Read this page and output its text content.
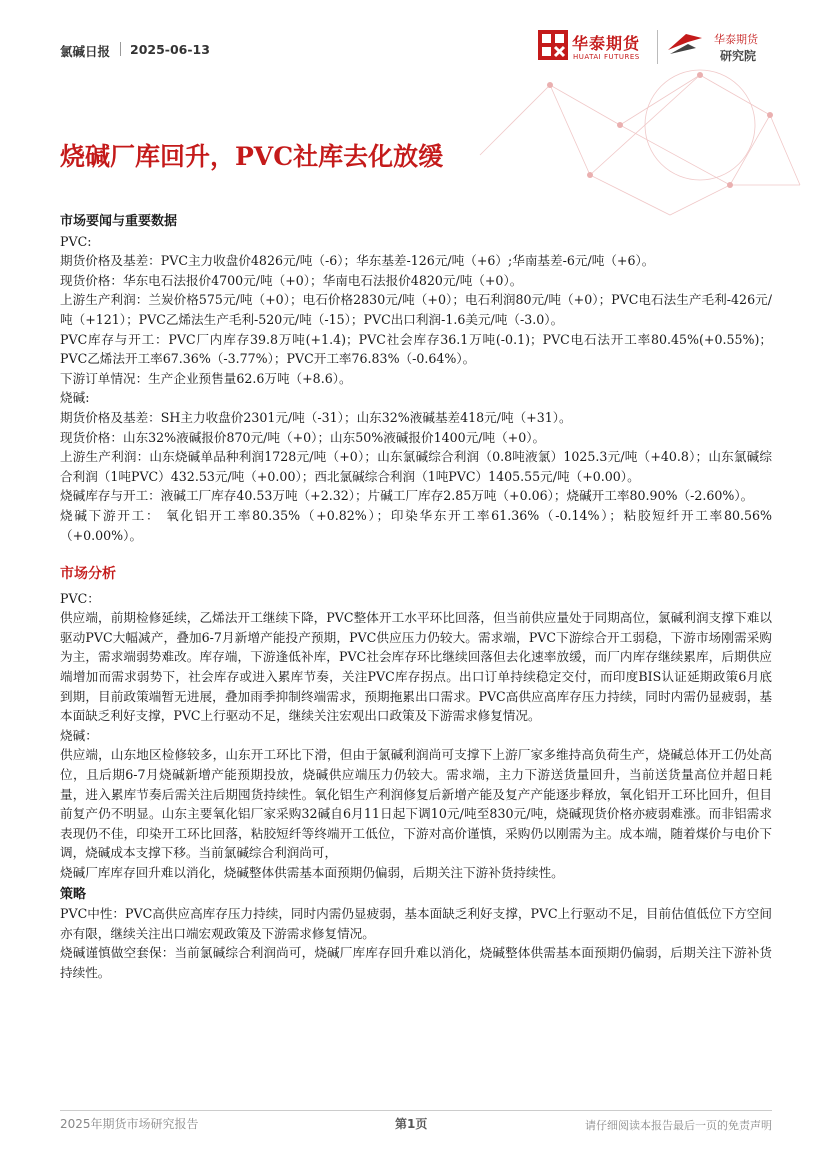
氯碱日报 2025-06-13	华泰期货
HUATAI FUTURES
华泰期货
研究院
烧碱厂库回升，PVC社库去化放缓
市场要闻与重要数据

PVC:

期货价格及基差：PVC主力收盘价4826元/吨（-6）；华东基差-126元/吨（+6）;华南基差-6元/吨（+6）。

现货价格：华东电石法报价4700元/吨（+0）；华南电石法报价4820元/吨（+0）。

上游生产利润：兰炭价格575元/吨（+0）；电石价格2830元/吨（+0）；电石利润80元/吨（+0）；PVC电石法生产毛利-426元/吨（+121）；PVC乙烯法生产毛利-520元/吨（-15）；PVC出口利润-1.6美元/吨（-3.0）。

PVC库存与开工：PVC厂内库存39.8万吨(+1.4)；PVC社会库存36.1万吨(-0.1)；PVC电石法开工率80.45%(+0.55%)；PVC乙烯法开工率67.36%（-3.77%）；PVC开工率76.83%（-0.64%）。

下游订单情况：生产企业预售量62.6万吨（+8.6）。

烧碱:

期货价格及基差：SH主力收盘价2301元/吨（-31）；山东32%液碱基差418元/吨（+31）。

现货价格：山东32%液碱报价870元/吨（+0）；山东50%液碱报价1400元/吨（+0）。

上游生产利润：山东烧碱单品种利润1728元/吨（+0）；山东氯碱综合利润（0.8吨液氯）1025.3元/吨（+40.8）；山东氯碱综合利润（1吨PVC）432.53元/吨（+0.00）；西北氯碱综合利润（1吨PVC）1405.55元/吨（+0.00）。

烧碱库存与开工：液碱工厂库存40.53万吨（+2.32）；片碱工厂库存2.85万吨（+0.06）；烧碱开工率80.90%（-2.60%）。

烧碱下游开工： 氧化铝开工率80.35%（+0.82%）；印染华东开工率61.36%（-0.14%）；粘胶短纤开工率80.56%（+0.00%）。

市场分析

PVC：

供应端，前期检修延续，乙烯法开工继续下降，PVC整体开工水平环比回落，但当前供应量处于同期高位，氯碱利润支撑下难以驱动PVC大幅减产，叠加6-7月新增产能投产预期，PVC供应压力仍较大。需求端，PVC下游综合开工弱稳，下游市场刚需采购为主，需求端弱势难改。库存端，下游逢低补库，PVC社会库存环比继续回落但去化速率放缓，而厂内库存继续累库，后期供应端增加而需求弱势下，社会库存或进入累库节奏，关注PVC库存拐点。出口订单持续稳定交付，而印度BIS认证延期政策6月底到期，目前政策端暂无进展，叠加雨季抑制终端需求，预期拖累出口需求。PVC高供应高库存压力持续，同时内需仍显疲弱，基本面缺乏利好支撑，PVC上行驱动不足，继续关注宏观出口政策及下游需求修复情况。

烧碱：

供应端，山东地区检修较多，山东开工环比下滑，但由于氯碱利润尚可支撑下上游厂家多维持高负荷生产，烧碱总体开工仍处高位，且后期6-7月烧碱新增产能预期投放，烧碱供应端压力仍较大。需求端，主力下游送货量回升，当前送货量高位并超日耗量，进入累库节奏后需关注后期囤货持续性。氧化铝生产利润修复后新增产能及复产产能逐步释放，氧化铝开工环比回升，但目前复产仍不明显。山东主要氧化铝厂家采购32碱自6月11日起下调10元/吨至830元/吨，烧碱现货价格亦疲弱难涨。而非铝需求表现仍不佳，印染开工环比回落，粘胶短纤等终端开工低位，下游对高价谨慎，采购仍以刚需为主。成本端，随着煤价与电价下调，烧碱成本支撑下移。当前氯碱综合利润尚可，

烧碱厂库库存回升难以消化，烧碱整体供需基本面预期仍偏弱，后期关注下游补货持续性。

策略

PVC中性：PVC高供应高库存压力持续，同时内需仍显疲弱，基本面缺乏利好支撑，PVC上行驱动不足，目前估值低位下方空间亦有限，继续关注出口端宏观政策及下游需求修复情况。

烧碱谨慎做空套保：当前氯碱综合利润尚可，烧碱厂库库存回升难以消化，烧碱整体供需基本面预期仍偏弱，后期关注下游补货持续性。

2025年期货市场研究报告	第1页	请仔细阅读本报告最后一页的免责声明
